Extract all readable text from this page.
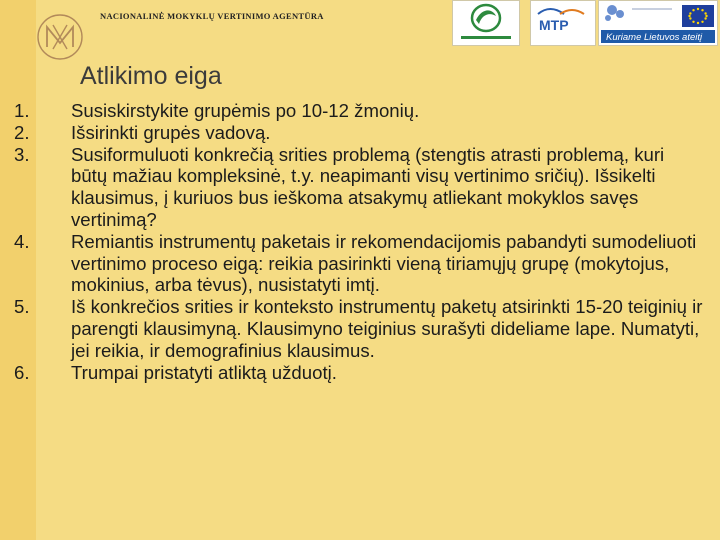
NACIONALINĖ MOKYKLŲ VERTINIMO AGENTŪRA
MTP
Kuriame Lietuvos ateitį
Atlikimo eiga
1. Susiskirstykite grupėmis po 10-12 žmonių.
2. Išsirinkti grupės vadovą.
3. Susiformuluoti konkrečią srities problemą (stengtis atrasti problemą, kuri būtų mažiau kompleksinė, t.y. neapimanti visų vertinimo sričių). Išsikelti klausimus, į kuriuos bus ieškoma atsakymų atliekant mokyklos savęs vertinimą?
4. Remiantis instrumentų paketais ir rekomendacijomis pabandyti sumodeliuoti vertinimo proceso eigą: reikia pasirinkti vieną tiriamųjų grupę (mokytojus, mokinius, arba tėvus), nusistatyti imtį.
5. Iš konkrečios srities ir konteksto instrumentų paketų atsirinkti 15-20 teiginių ir parengti klausimyną. Klausimyno teiginius surašyti dideliame lape. Numatyti, jei reikia, ir demografinius klausimus.
6. Trumpai pristatyti atliktą užduotį.
